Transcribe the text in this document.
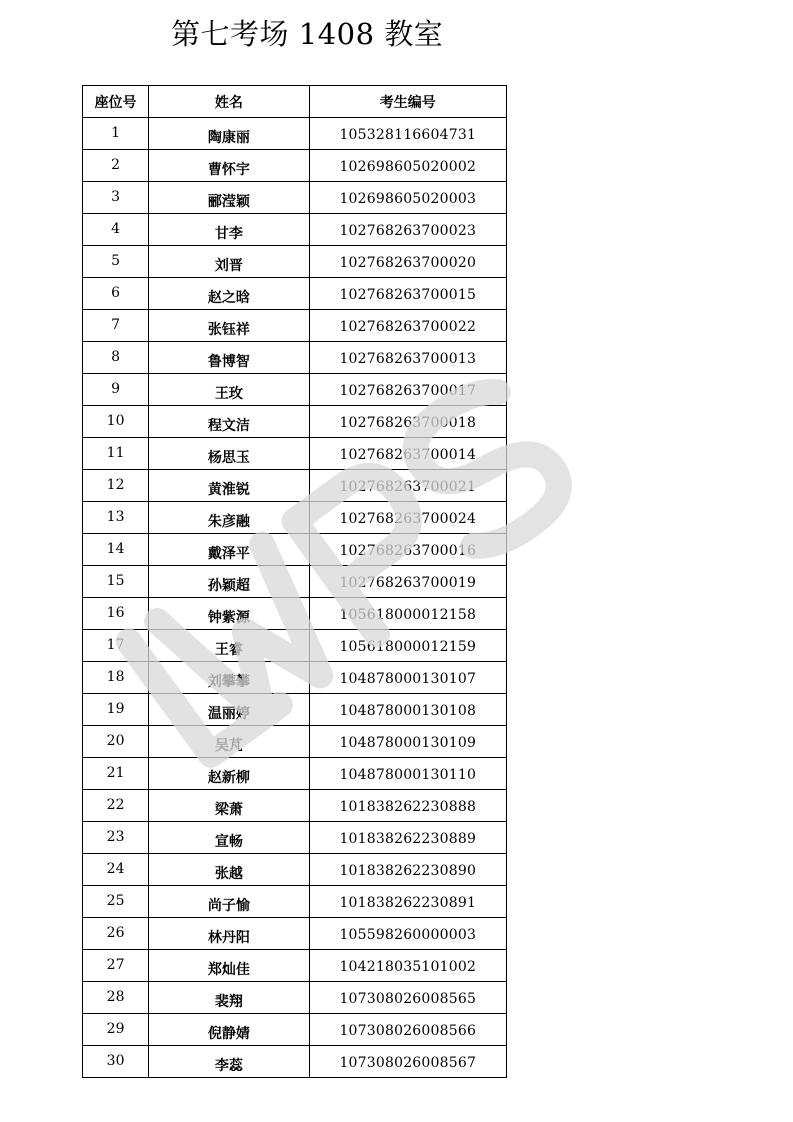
第七考场 1408 教室
座位号	姓名	考生编号
1	陶康丽	105328116604731
2	曹怀宇	102698605020002
3	郦滢颖	102698605020003
4	甘李	102768263700023
5	刘晋	102768263700020
6	赵之晗	102768263700015
7	张钰祥	102768263700022
8	鲁博智	102768263700013
9	王玫	102768263700017
10	程文洁	102768263700018
11	杨思玉	102768263700014
12	黄淮锐	102768263700021
13	朱彦融	102768263700024
14	戴泽平	102768263700016
15	孙颖超	102768263700019
16	钟紫源	105618000012158
17	王睿	105618000012159
18	刘攀攀	104878000130107
19	温丽婷	104878000130108
20	吴芃	104878000130109
21	赵新柳	104878000130110
22	梁萧	101838262230888
23	宣畅	101838262230889
24	张越	101838262230890
25	尚子愉	101838262230891
26	林丹阳	105598260000003
27	郑灿佳	104218035101002
28	裴翔	107308026008565
29	倪静婧	107308026008566
30	李蕊	107308026008567
